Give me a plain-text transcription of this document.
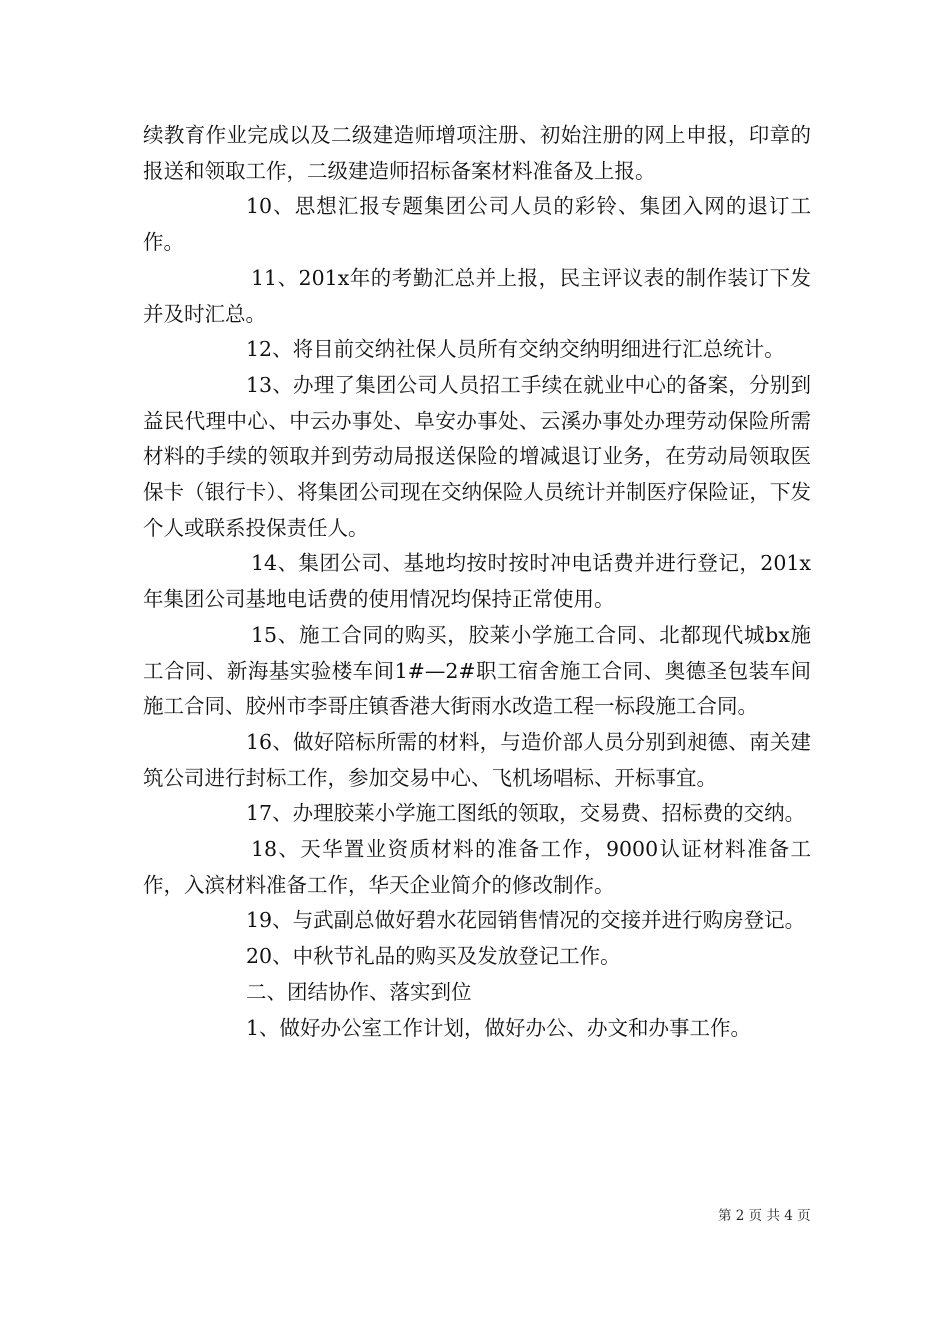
续教育作业完成以及二级建造师增项注册、初始注册的网上申报，印章的报送和领取工作，二级建造师招标备案材料准备及上报。

10、思想汇报专题集团公司人员的彩铃、集团入网的退订工作。

11、201x年的考勤汇总并上报，民主评议表的制作装订下发并及时汇总。

12、将目前交纳社保人员所有交纳交纳明细进行汇总统计。

13、办理了集团公司人员招工手续在就业中心的备案，分别到益民代理中心、中云办事处、阜安办事处、云溪办事处办理劳动保险所需材料的手续的领取并到劳动局报送保险的增减退订业务，在劳动局领取医保卡（银行卡）、将集团公司现在交纳保险人员统计并制医疗保险证，下发个人或联系投保责任人。

14、集团公司、基地均按时按时冲电话费并进行登记，201x年集团公司基地电话费的使用情况均保持正常使用。

15、施工合同的购买，胶莱小学施工合同、北都现代城bx施工合同、新海基实验楼车间1#—2#职工宿舍施工合同、奥德圣包装车间施工合同、胶州市李哥庄镇香港大街雨水改造工程一标段施工合同。

16、做好陪标所需的材料，与造价部人员分别到昶德、南关建筑公司进行封标工作，参加交易中心、飞机场唱标、开标事宜。

17、办理胶莱小学施工图纸的领取，交易费、招标费的交纳。

18、天华置业资质材料的准备工作，9000认证材料准备工作，入滨材料准备工作，华天企业简介的修改制作。

19、与武副总做好碧水花园销售情况的交接并进行购房登记。

20、中秋节礼品的购买及发放登记工作。

二、团结协作、落实到位

1、做好办公室工作计划，做好办公、办文和办事工作。

第 2 页 共 4 页
